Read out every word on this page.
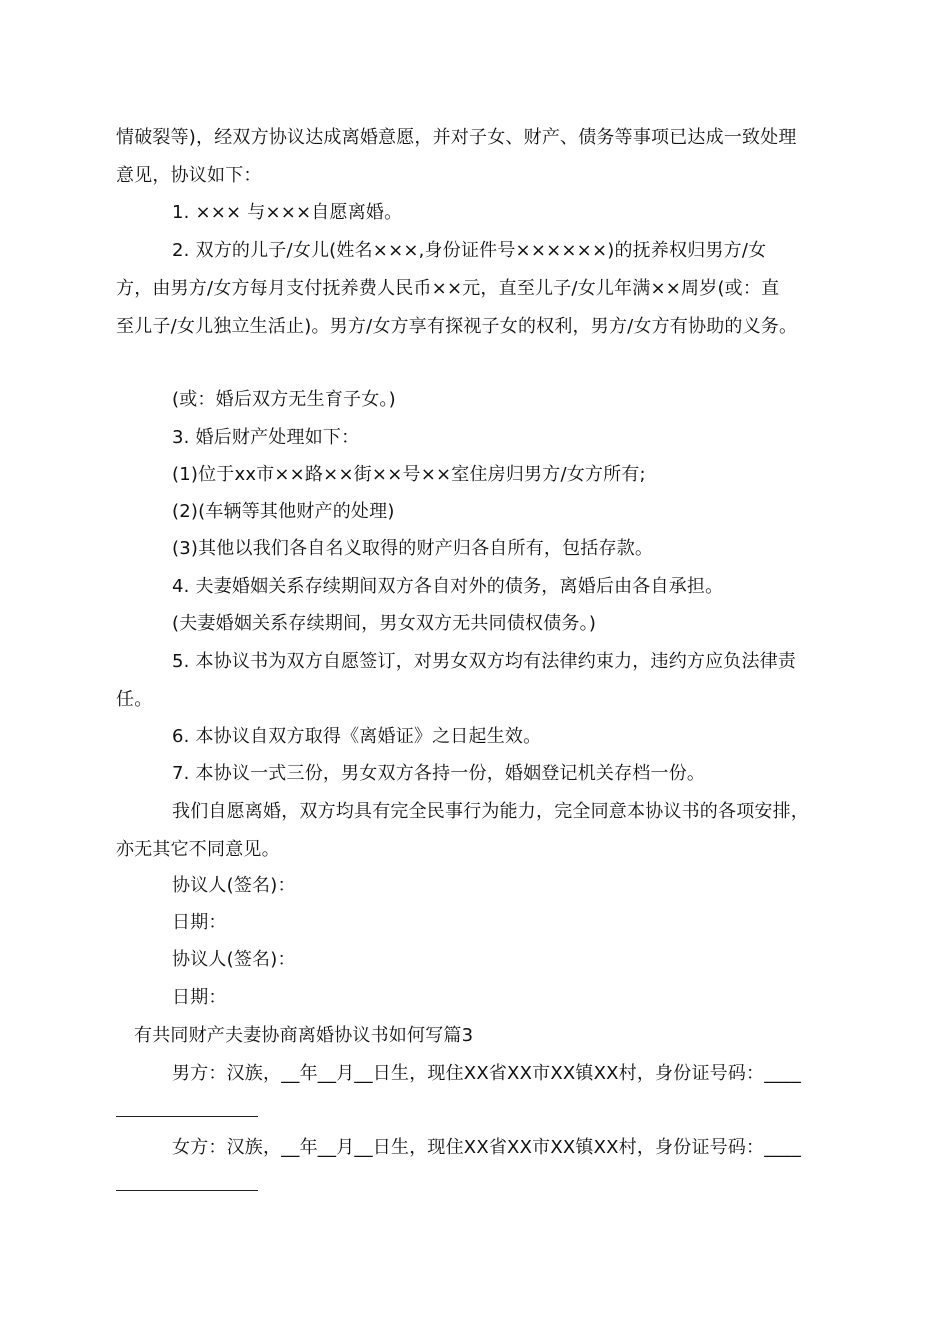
情破裂等)，经双方协议达成离婚意愿，并对子女、财产、债务等事项已达成一致处理
意见，协议如下：
1. ××× 与×××自愿离婚。
2. 双方的儿子/女儿(姓名×××,身份证件号××××××)的抚养权归男方/女
方，由男方/女方每月支付抚养费人民币××元，直至儿子/女儿年满××周岁(或：直
至儿子/女儿独立生活止)。男方/女方享有探视子女的权利，男方/女方有协助的义务。
(或：婚后双方无生育子女。)
3. 婚后财产处理如下：
(1)位于xx市××路××街××号××室住房归男方/女方所有;
(2)(车辆等其他财产的处理)
(3)其他以我们各自名义取得的财产归各自所有，包括存款。
4. 夫妻婚姻关系存续期间双方各自对外的债务，离婚后由各自承担。
(夫妻婚姻关系存续期间，男女双方无共同债权债务。)
5. 本协议书为双方自愿签订，对男女双方均有法律约束力，违约方应负法律责
任。
6. 本协议自双方取得《离婚证》之日起生效。
7. 本协议一式三份，男女双方各持一份，婚姻登记机关存档一份。
我们自愿离婚，双方均具有完全民事行为能力，完全同意本协议书的各项安排，
亦无其它不同意见。
协议人(签名)：
日期：
协议人(签名)：
日期：
有共同财产夫妻协商离婚协议书如何写篇3
男方：汉族，__年__月__日生，现住XX省XX市XX镇XX村，身份证号码：____
女方：汉族，__年__月__日生，现住XX省XX市XX镇XX村，身份证号码：____
